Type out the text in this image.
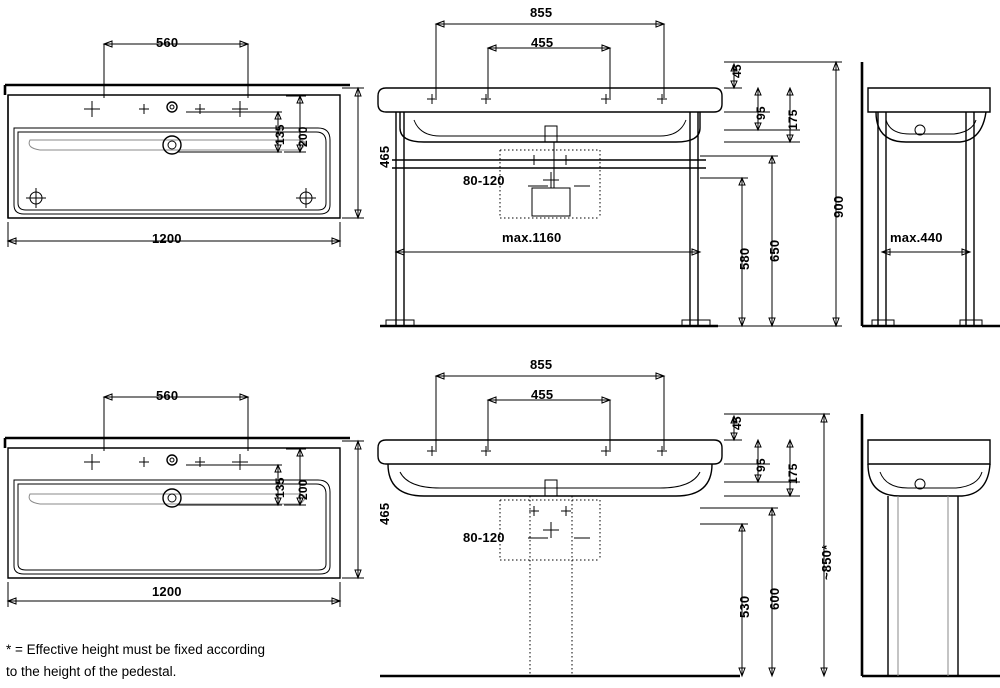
560
1200
465
135 200
855
455
45
95 175
80-120
max.1160
580 650
900
max.440
560
1200
465
135 200
855
455
45
95 175
80-120
530 600
~850*
* = Effective height must be fixed according
to the height of the pedestal.
